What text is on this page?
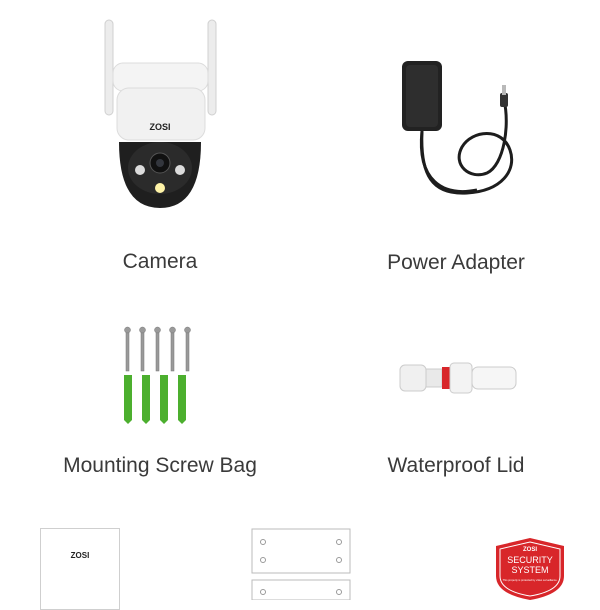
ZOSI
Camera	Power Adapter
Mounting Screw Bag	Waterproof Lid
ZOSI
ZOSI
SECURITY
SYSTEM
This property is protected by video surveillance.
